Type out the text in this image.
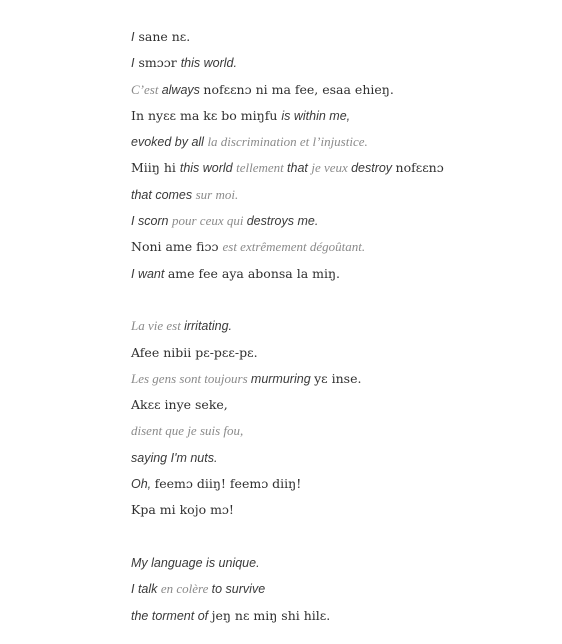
I sane nɛ.
I smɔɔr this world.
C’est always nofɛɛnɔ ni ma fee, esaa ehieŋ.
In nyɛɛ ma kɛ bo miŋfu is within me,
evoked by all la discrimination et l’injustice.
Miiŋ hi this world tellement that je veux destroy nofɛɛnɔ
that comes sur moi.
I scorn pour ceux qui destroys me.
Noni ame fiɔɔ est extrêmement dégoûtant.
I want ame fee aya abonsa la miŋ.
La vie est irritating.
Afee nibii pɛ-pɛɛ-pɛ.
Les gens sont toujours murmuring yɛ inse.
Akɛɛ inye seke,
disent que je suis fou,
saying I'm nuts.
Oh, feemɔ diiŋ! feemɔ diiŋ!
Kpa mi kojo mɔ!
My language is unique.
I talk en colère to survive
the torment of jeŋ nɛ miŋ shi hilɛ.
